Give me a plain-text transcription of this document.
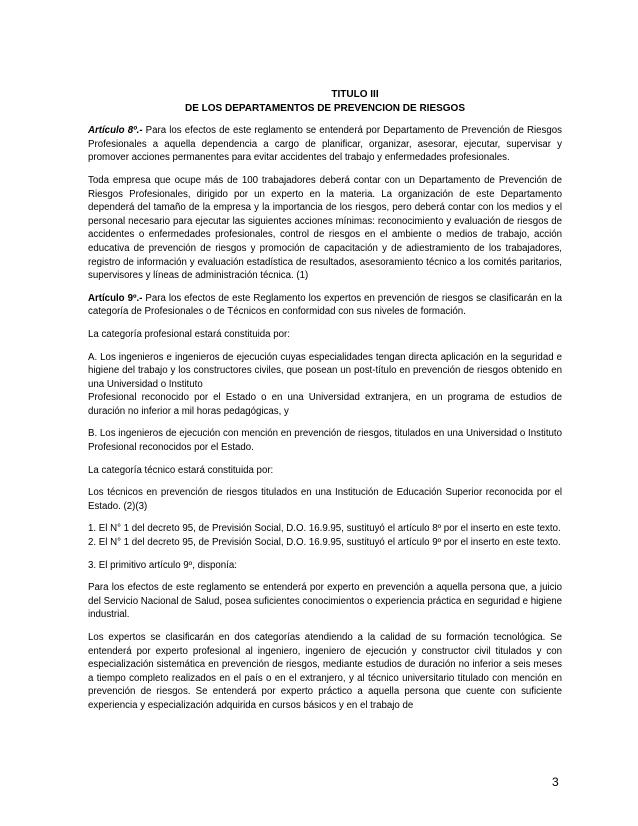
TITULO III
DE LOS DEPARTAMENTOS DE PREVENCION DE RIESGOS

Artículo 8º.- Para los efectos de este reglamento se entenderá por Departamento de Prevención de Riesgos Profesionales a aquella dependencia a cargo de planificar, organizar, asesorar, ejecutar, supervisar y promover acciones permanentes para evitar accidentes del trabajo y enfermedades profesionales.

Toda empresa que ocupe más de 100 trabajadores deberá contar con un Departamento de Prevención de Riesgos Profesionales, dirigido por un experto en la materia. La organización de este Departamento dependerá del tamaño de la empresa y la importancia de los riesgos, pero deberá contar con los medios y el personal necesario para ejecutar las siguientes acciones mínimas: reconocimiento y evaluación de riesgos de accidentes o enfermedades profesionales, control de riesgos en el ambiente o medios de trabajo, acción educativa de prevención de riesgos y promoción de capacitación y de adiestramiento de los trabajadores, registro de información y evaluación estadística de resultados, asesoramiento técnico a los comités paritarios, supervisores y líneas de administración técnica. (1)

Artículo 9º.- Para los efectos de este Reglamento los expertos en prevención de riesgos se clasificarán en la categoría de Profesionales o de Técnicos en conformidad con sus niveles de formación.

La categoría profesional estará constituida por:

A. Los ingenieros e ingenieros de ejecución cuyas especialidades tengan directa aplicación en la seguridad e higiene del trabajo y los constructores civiles, que posean un post-título en prevención de riesgos obtenido en una Universidad o Instituto
Profesional reconocido por el Estado o en una Universidad extranjera, en un programa de estudios de duración no inferior a mil horas pedagógicas, y

B. Los ingenieros de ejecución con mención en prevención de riesgos, titulados en una Universidad o Instituto Profesional reconocidos por el Estado.

La categoría técnico estará constituida por:

Los técnicos en prevención de riesgos titulados en una Institución de Educación Superior reconocida por el Estado. (2)(3)

1. El N° 1 del decreto 95, de Previsión Social, D.O. 16.9.95, sustituyó el artículo 8º por el inserto en este texto.
2. El N° 1 del decreto 95, de Previsión Social, D.O. 16.9.95, sustituyó el artículo 9º por el inserto en este texto.

3. El primitivo artículo 9º, disponía:

Para los efectos de este reglamento se entenderá por experto en prevención a aquella persona que, a juicio del Servicio Nacional de Salud, posea suficientes conocimientos o experiencia práctica en seguridad e higiene industrial.

Los expertos se clasificarán en dos categorías atendiendo a la calidad de su formación tecnológica. Se entenderá por experto profesional al ingeniero, ingeniero de ejecución y constructor civil titulados y con especialización sistemática en prevención de riesgos, mediante estudios de duración no inferior a seis meses a tiempo completo realizados en el país o en el extranjero, y al técnico universitario titulado con mención en prevención de riesgos. Se entenderá por experto práctico a aquella persona que cuente con suficiente experiencia y especialización adquirida en cursos básicos y en el trabajo de

3
